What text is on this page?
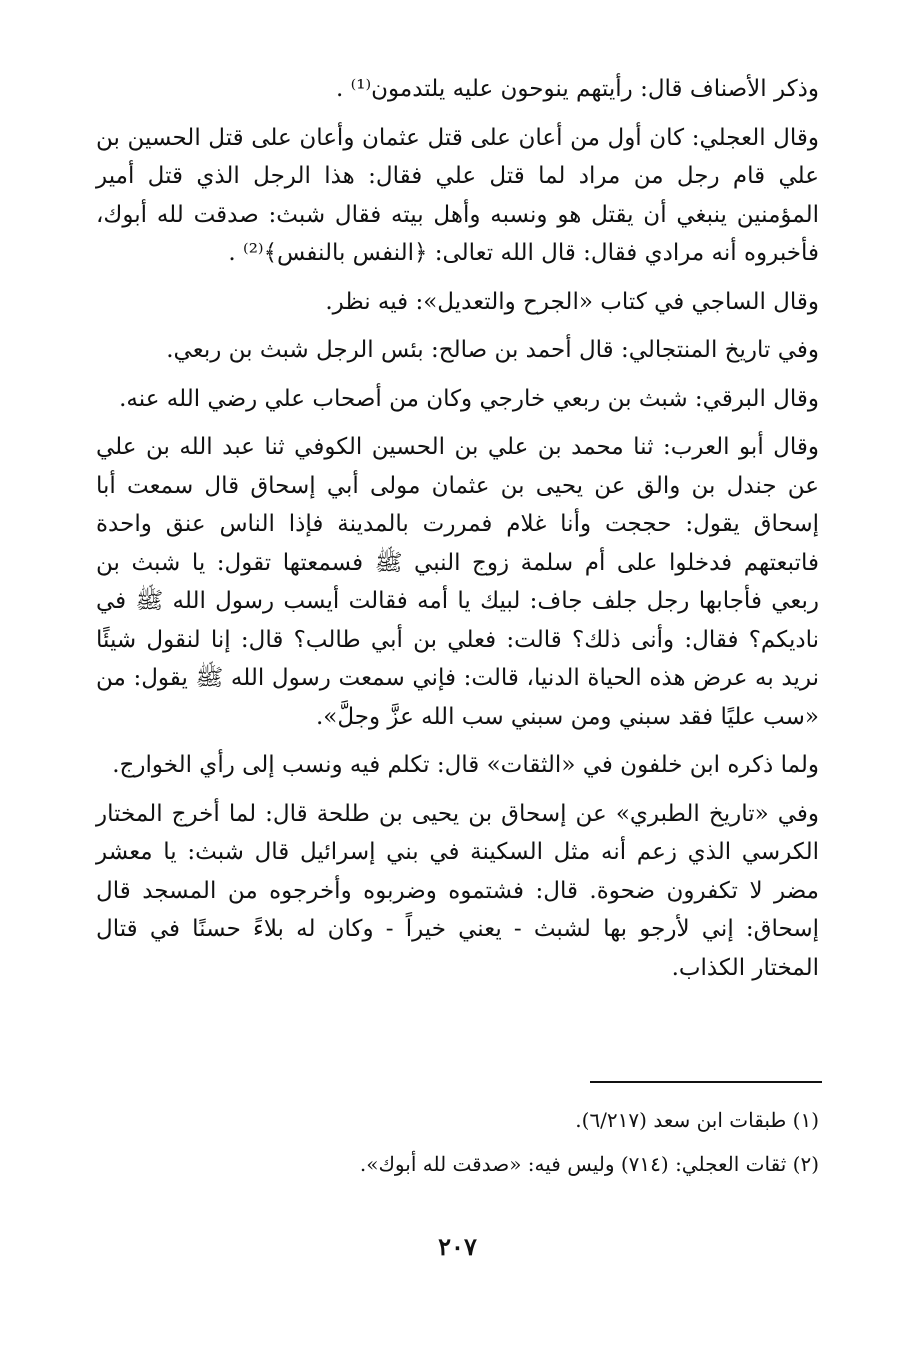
وذكر الأصناف قال: رأيتهم ينوحون عليه يلتدمون⁽¹⁾ .

وقال العجلي: كان أول من أعان على قتل عثمان وأعان على قتل الحسين بن علي قام رجل من مراد لما قتل علي فقال: هذا الرجل الذي قتل أمير المؤمنين ينبغي أن يقتل هو ونسبه وأهل بيته فقال شبث: صدقت لله أبوك، فأخبروه أنه مرادي فقال: قال الله تعالى: ﴿النفس بالنفس﴾⁽²⁾ .

وقال الساجي في كتاب «الجرح والتعديل»: فيه نظر.

وفي تاريخ المنتجالي: قال أحمد بن صالح: بئس الرجل شبث بن ربعي.

وقال البرقي: شبث بن ربعي خارجي وكان من أصحاب علي رضي الله عنه.

وقال أبو العرب: ثنا محمد بن علي بن الحسين الكوفي ثنا عبد الله بن علي عن جندل بن والق عن يحيى بن عثمان مولى أبي إسحاق قال سمعت أبا إسحاق يقول: حججت وأنا غلام فمررت بالمدينة فإذا الناس عنق واحدة فاتبعتهم فدخلوا على أم سلمة زوج النبي ﷺ فسمعتها تقول: يا شبث بن ربعي فأجابها رجل جلف جاف: لبيك يا أمه فقالت أيسب رسول الله ﷺ في ناديكم؟ فقال: وأنى ذلك؟ قالت: فعلي بن أبي طالب؟ قال: إنا لنقول شيئًا نريد به عرض هذه الحياة الدنيا، قالت: فإني سمعت رسول الله ﷺ يقول: من «سب عليًا فقد سبني ومن سبني سب الله عزَّ وجلَّ».

ولما ذكره ابن خلفون في «الثقات» قال: تكلم فيه ونسب إلى رأي الخوارج.

وفي «تاريخ الطبري» عن إسحاق بن يحيى بن طلحة قال: لما أخرج المختار الكرسي الذي زعم أنه مثل السكينة في بني إسرائيل قال شبث: يا معشر مضر لا تكفرون ضحوة. قال: فشتموه وضربوه وأخرجوه من المسجد قال إسحاق: إني لأرجو بها لشبث - يعني خيراً - وكان له بلاءً حسنًا في قتال المختار الكذاب.

(١) طبقات ابن سعد (٦/٢١٧).

(٢) ثقات العجلي: (٧١٤) وليس فيه: «صدقت لله أبوك».

٢٠٧
